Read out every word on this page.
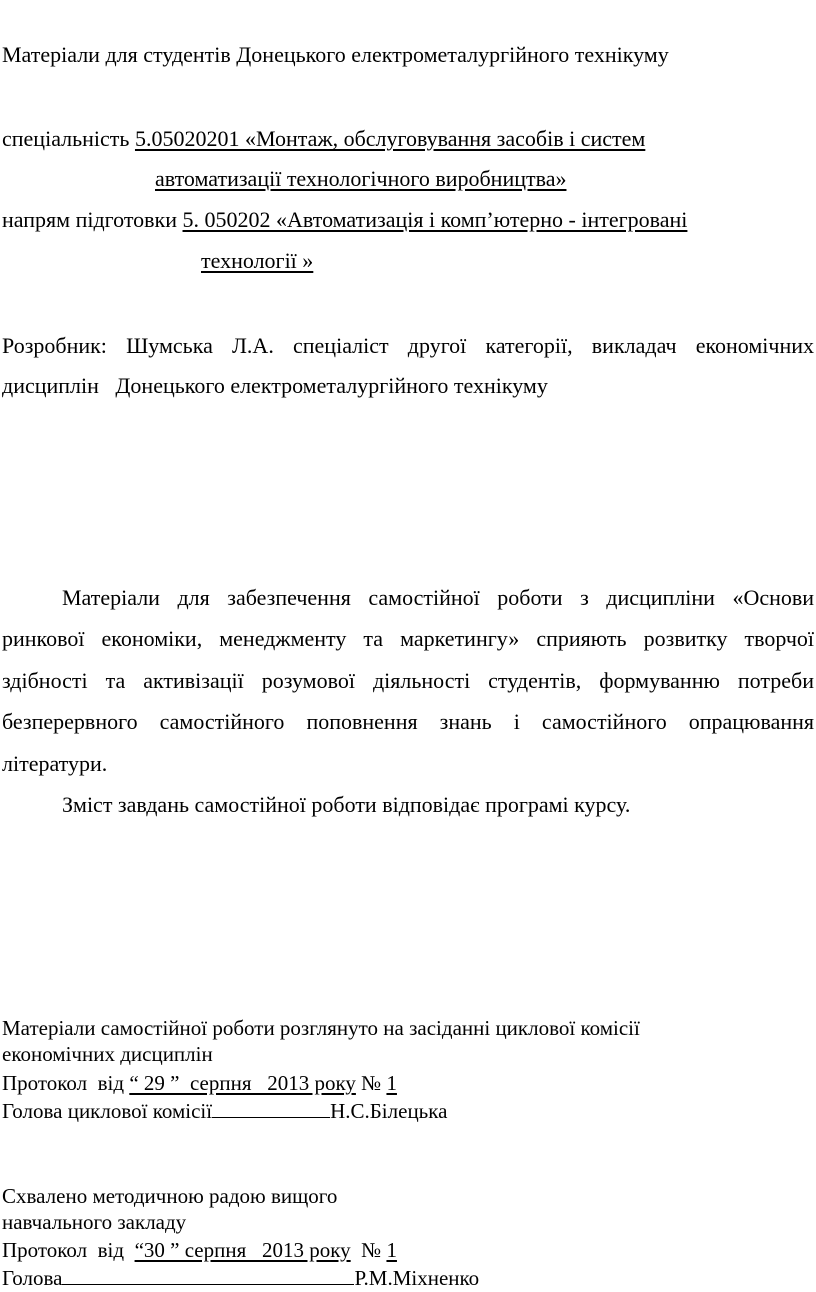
Матеріали для студентів Донецького електрометалургійного технікуму
спеціальність 5.05020201 «Монтаж, обслуговування засобів і систем
автоматизації технологічного виробництва»
напрям підготовки 5. 050202 «Автоматизація і комп’ютерно - інтегровані
технології »
Розробник: Шумська Л.А. спеціаліст другої категорії, викладач економічних
дисциплін   Донецького електрометалургійного технікуму
Матеріали для забезпечення самостійної роботи з дисципліни «Основи
ринкової економіки, менеджменту та маркетингу» сприяють розвитку творчої
здібності та активізації розумової діяльності студентів, формуванню потреби
безперервного самостійного поповнення знань і самостійного опрацювання
літератури.
Зміст завдань самостійної роботи відповідає програмі курсу.
Матеріали самостійної роботи розглянуто на засіданні циклової комісії
економічних дисциплін
Протокол  від “ 29 ”  серпня   2013 року № 1
Голова циклової комісії	Н.С.Білецька
Схвалено методичною радою вищого
навчального закладу
Протокол  від  “30 ” серпня   2013 року  № 1
Голова	Р.М.Міхненко
